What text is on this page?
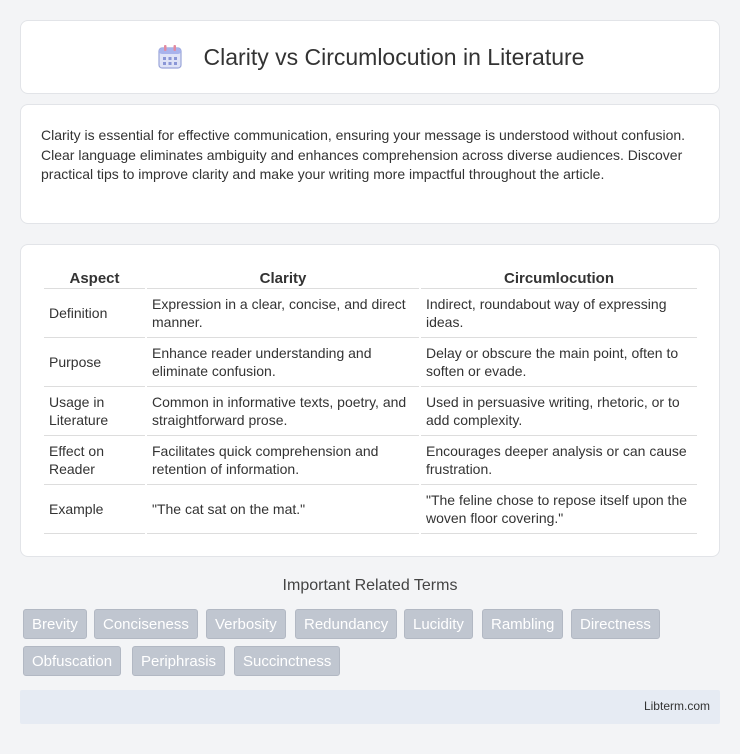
Clarity vs Circumlocution in Literature

Clarity is essential for effective communication, ensuring your message is understood without confusion. Clear language eliminates ambiguity and enhances comprehension across diverse audiences. Discover practical tips to improve clarity and make your writing more impactful throughout the article.

Aspect	Clarity	Circumlocution
Definition	Expression in a clear, concise, and direct manner.	Indirect, roundabout way of expressing ideas.
Purpose	Enhance reader understanding and eliminate confusion.	Delay or obscure the main point, often to soften or evade.
Usage in Literature	Common in informative texts, poetry, and straightforward prose.	Used in persuasive writing, rhetoric, or to add complexity.
Effect on Reader	Facilitates quick comprehension and retention of information.	Encourages deeper analysis or can cause frustration.
Example	"The cat sat on the mat."	"The feline chose to repose itself upon the woven floor covering."
Important Related Terms
Brevity	Conciseness	Verbosity	Redundancy	Lucidity	Rambling	Directness
Obfuscation	Periphrasis	Succinctness
Libterm.com
